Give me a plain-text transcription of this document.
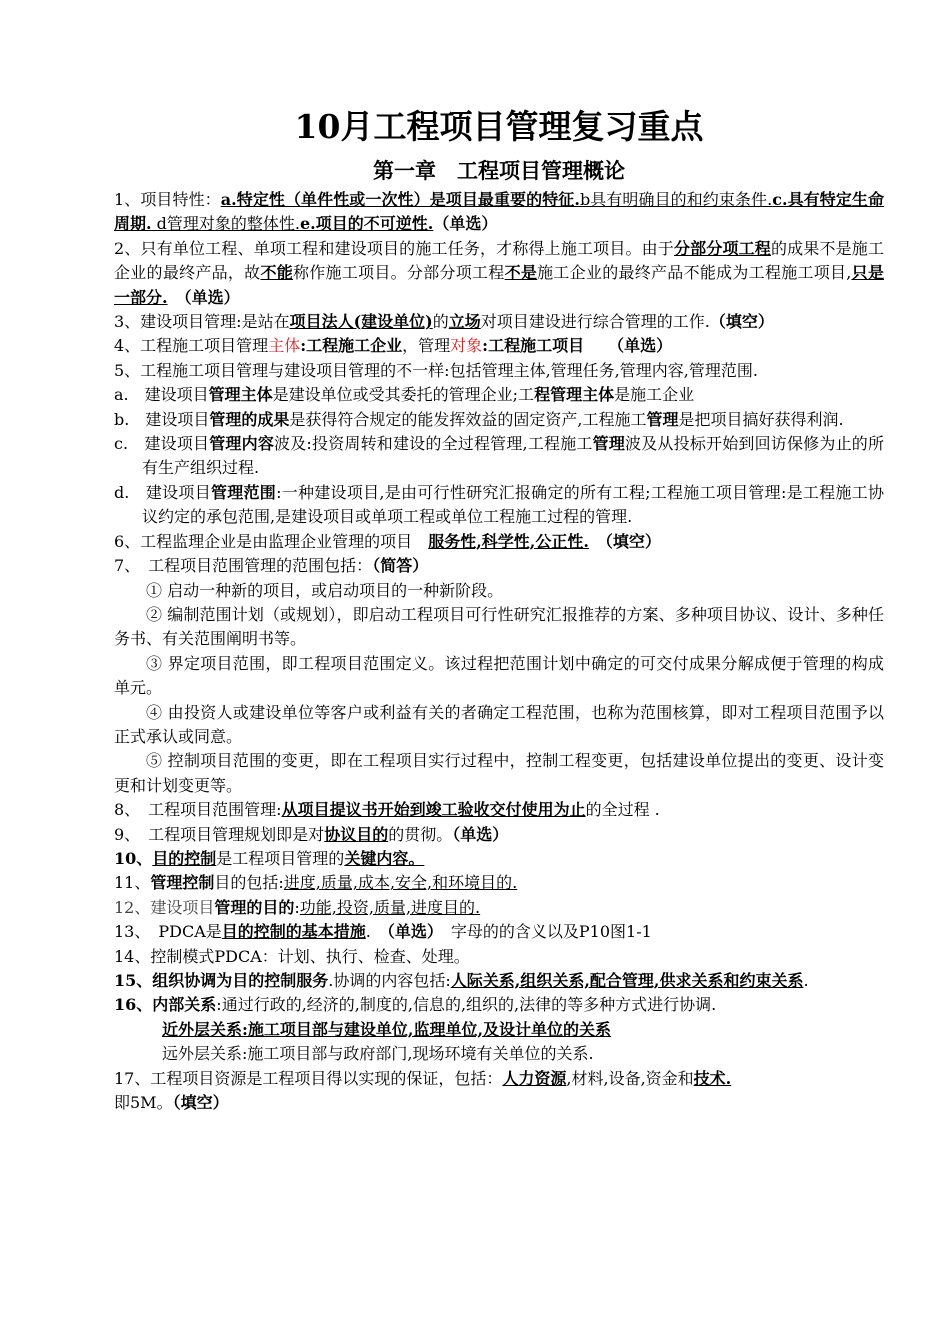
10月工程项目管理复习重点
第一章　工程项目管理概论

1、项目特性：a.特定性（单件性或一次性）是项目最重要的特征.b具有明确目的和约束条件.c.具有特定生命周期. d管理对象的整体性.e.项目的不可逆性.（单选）

2、只有单位工程、单项工程和建设项目的施工任务，才称得上施工项目。由于分部分项工程的成果不是施工企业的最终产品，故不能称作施工项目。分部分项工程不是施工企业的最终产品不能成为工程施工项目,只是一部分.　（单选）

3、建设项目管理:是站在项目法人(建设单位)的立场对项目建设进行综合管理的工作.（填空）

4、工程施工项目管理主体:工程施工企业，管理对象:工程施工项目　　（单选）

5、工程施工项目管理与建设项目管理的不一样:包括管理主体,管理任务,管理内容,管理范围.

a.　建设项目管理主体是建设单位或受其委托的管理企业;工程管理主体是施工企业

b.　建设项目管理的成果是获得符合规定的能发挥效益的固定资产,工程施工管理是把项目搞好获得利润.

c.　建设项目管理内容波及:投资周转和建设的全过程管理,工程施工管理波及从投标开始到回访保修为止的所有生产组织过程.

d.　建设项目管理范围:一种建设项目,是由可行性研究汇报确定的所有工程;工程施工项目管理:是工程施工协议约定的承包范围,是建设项目或单项工程或单位工程施工过程的管理.

6、工程监理企业是由监理企业管理的项目　服务性,科学性,公正性.　（填空）

7、　工程项目范围管理的范围包括：（简答）

① 启动一种新的项目，或启动项目的一种新阶段。

② 编制范围计划（或规划），即启动工程项目可行性研究汇报推荐的方案、多种项目协议、设计、多种任务书、有关范围阐明书等。

③ 界定项目范围，即工程项目范围定义。该过程把范围计划中确定的可交付成果分解成便于管理的构成单元。

④ 由投资人或建设单位等客户或利益有关的者确定工程范围，也称为范围核算，即对工程项目范围予以正式承认或同意。

⑤ 控制项目范围的变更，即在工程项目实行过程中，控制工程变更，包括建设单位提出的变更、设计变更和计划变更等。

8、　工程项目范围管理:从项目提议书开始到竣工验收交付使用为止的全过程 .

9、　工程项目管理规划即是对协议目的的贯彻。（单选）

10、目的控制是工程项目管理的关键内容。

11、管理控制目的包括:进度,质量,成本,安全,和环境目的.

12、建设项目管理的目的:功能,投资,质量,进度目的.

13、　PDCA是目的控制的基本措施.　（单选）　字母的的含义以及P10图1-1

14、控制模式PDCA：计划、执行、检查、处理。

15、组织协调为目的控制服务.协调的内容包括:人际关系,组织关系,配合管理,供求关系和约束关系.

16、内部关系:通过行政的,经济的,制度的,信息的,组织的,法律的等多种方式进行协调.

近外层关系:施工项目部与建设单位,监理单位,及设计单位的关系

远外层关系:施工项目部与政府部门,现场环境有关单位的关系.

17、工程项目资源是工程项目得以实现的保证，包括：人力资源,材料,设备,资金和技术.
即5M。（填空）
